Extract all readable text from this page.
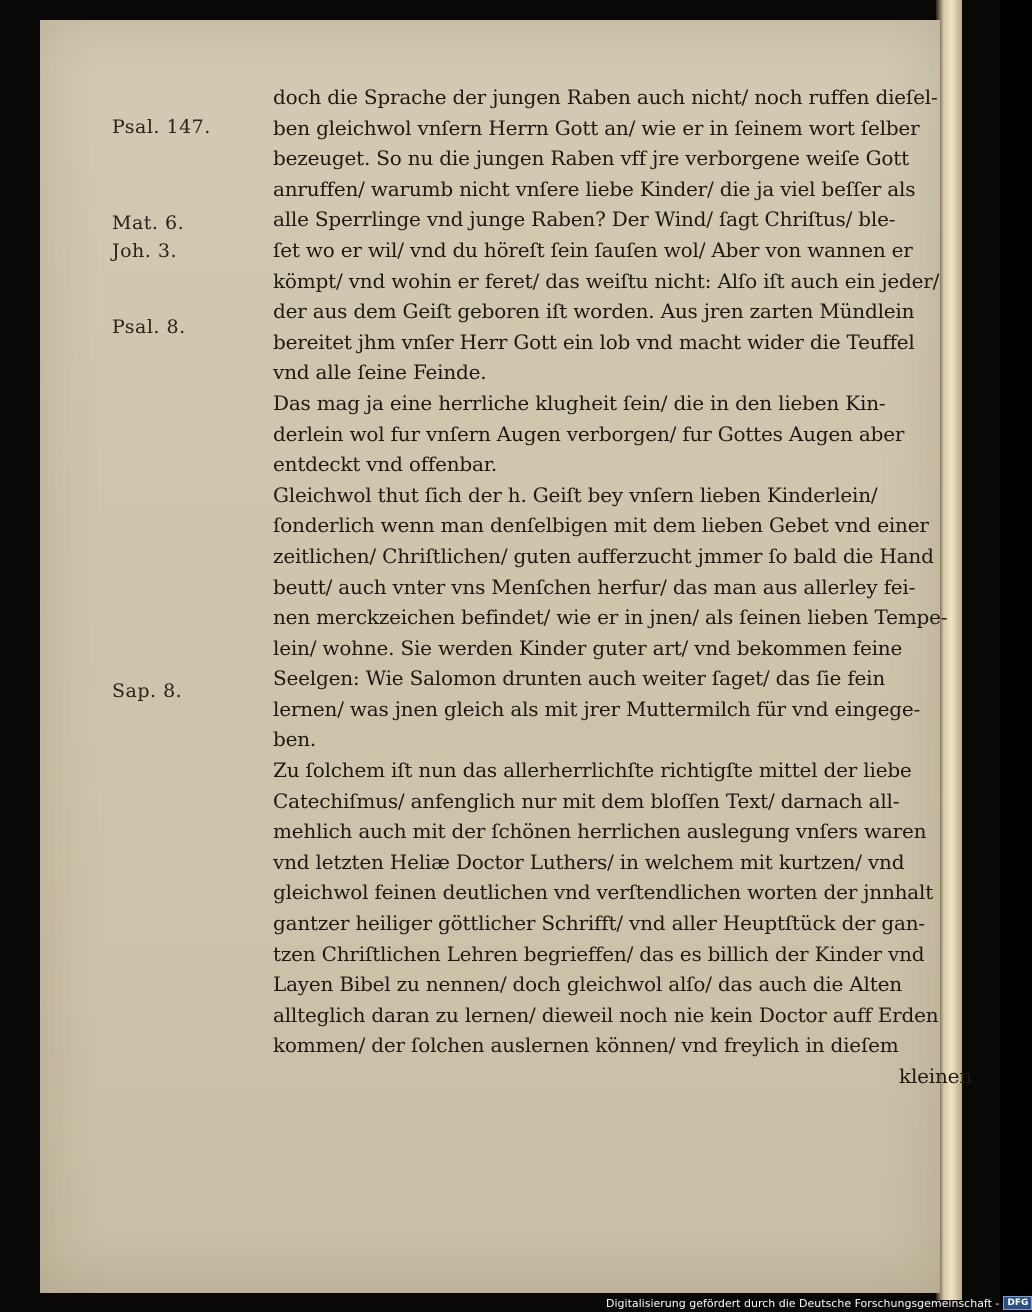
Psal. 147.
Mat. 6.
Joh. 3.
Psal. 8.
Sap. 8.
doch die Sprache der jungen Raben auch nicht/ noch ruffen dieſel-
ben gleichwol vnſern Herrn Gott an/ wie er in ſeinem wort ſelber
bezeuget. So nu die jungen Raben vff jre verborgene weiſe Gott
anruffen/ warumb nicht vnſere liebe Kinder/ die ja viel beſſer als
alle Sperrlinge vnd junge Raben? Der Wind/ ſagt Chriſtus/ ble-
ſet wo er wil/ vnd du höreſt ſein ſauſen wol/ Aber von wannen er
kömpt/ vnd wohin er feret/ das weiſtu nicht: Alſo iſt auch ein jeder/
der aus dem Geiſt geboren iſt worden. Aus jren zarten Mündlein
bereitet jhm vnſer Herr Gott ein lob vnd macht wider die Teuffel
vnd alle ſeine Feinde.
Das mag ja eine herrliche klugheit ſein/ die in den lieben Kin-
derlein wol fur vnſern Augen verborgen/ fur Gottes Augen aber
entdeckt vnd offenbar.
Gleichwol thut ſich der h. Geiſt bey vnſern lieben Kinderlein/
ſonderlich wenn man denſelbigen mit dem lieben Gebet vnd einer
zeitlichen/ Chriſtlichen/ guten aufferzucht jmmer ſo bald die Hand
beutt/ auch vnter vns Menſchen herfur/ das man aus allerley fei-
nen merckzeichen befindet/ wie er in jnen/ als ſeinen lieben Tempe-
lein/ wohne. Sie werden Kinder guter art/ vnd bekommen feine
Seelgen: Wie Salomon drunten auch weiter ſaget/ das ſie fein
lernen/ was jnen gleich als mit jrer Muttermilch für vnd eingege-
ben.
Zu ſolchem iſt nun das allerherrlichſte richtigſte mittel der liebe
Catechiſmus/ anfenglich nur mit dem bloſſen Text/ darnach all-
mehlich auch mit der ſchönen herrlichen auslegung vnſers waren
vnd letzten Heliæ Doctor Luthers/ in welchem mit kurtzen/ vnd
gleichwol feinen deutlichen vnd verſtendlichen worten der jnnhalt
gantzer heiliger göttlicher Schrifft/ vnd aller Heuptſtück der gan-
tzen Chriſtlichen Lehren begrieffen/ das es billich der Kinder vnd
Layen Bibel zu nennen/ doch gleichwol alſo/ das auch die Alten
allteglich daran zu lernen/ dieweil noch nie kein Doctor auff Erden
kommen/ der ſolchen auslernen können/ vnd freylich in dieſem
kleinen
Digitalisierung gefördert durch die Deutsche Forschungsgemeinschaft - DFG
